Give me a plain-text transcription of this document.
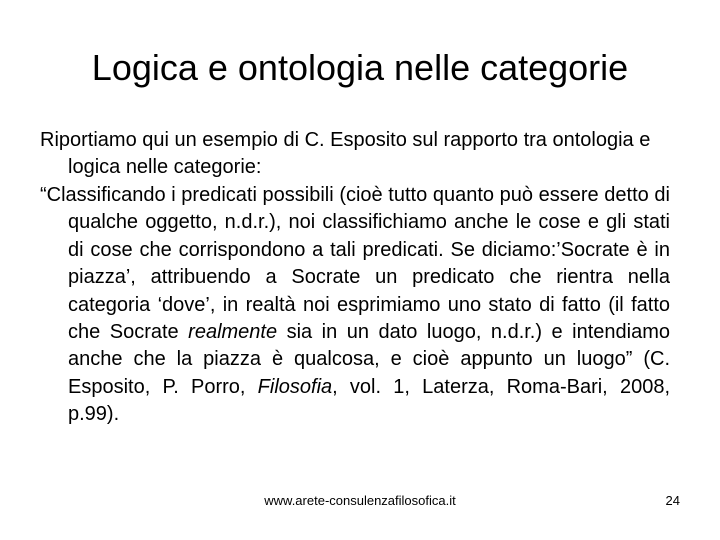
Logica e ontologia nelle categorie
Riportiamo qui un esempio di C. Esposito sul rapporto tra ontologia e logica nelle categorie:
“Classificando i predicati possibili (cioè tutto quanto può essere detto di qualche oggetto, n.d.r.), noi classifichiamo anche le cose e gli stati di cose che corrispondono a tali predicati. Se diciamo:’Socrate è in piazza’, attribuendo a Socrate un predicato che rientra nella categoria ‘dove’, in realtà noi esprimiamo uno stato di fatto (il fatto che Socrate realmente sia in un dato luogo, n.d.r.) e intendiamo anche che la piazza è qualcosa, e cioè appunto un luogo” (C. Esposito, P. Porro, Filosofia, vol. 1, Laterza, Roma-Bari, 2008, p.99).
www.arete-consulenzafilosofica.it	24
